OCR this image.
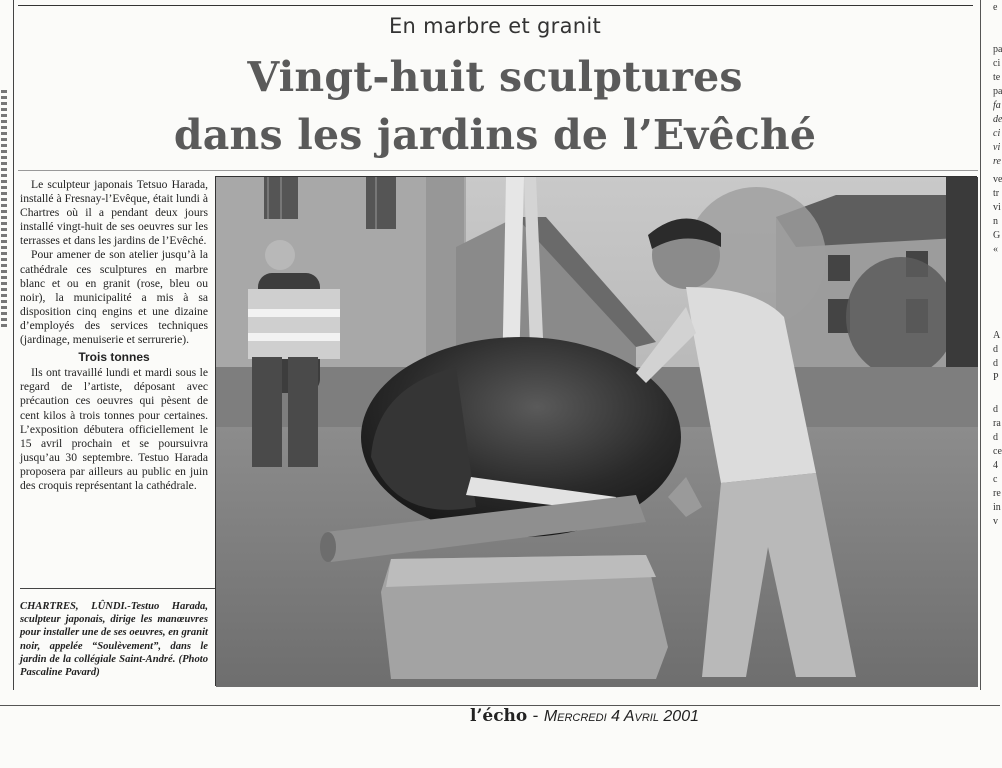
e
pa
ci
te
pa
fa
de
ci
vi
re
ve
tr
vi
n
G
«
A
d
d
P
d
ra
d
ce
4
c
re
in
v
En marbre et granit
Vingt-huit sculptures
dans les jardins de l’Evêché

Le sculpteur japonais Tetsuo Harada, installé à Fresnay-l’Evêque, était lundi à Chartres où il a pendant deux jours installé vingt-huit de ses oeuvres sur les terrasses et dans les jardins de l’Evêché.

Pour amener de son atelier jusqu’à la cathédrale ces sculptures en marbre blanc et ou en granit (rose, bleu ou noir), la municipalité a mis à sa disposition cinq engins et une dizaine d’employés des services techniques (jardinage, menuiserie et serrurerie).

Trois tonnes

Ils ont travaillé lundi et mardi sous le regard de l’artiste, déposant avec précaution ces oeuvres qui pèsent de cent kilos à trois tonnes pour certaines. L’exposition débutera officiellement le 15 avril prochain et se poursuivra jusqu’au 30 septembre. Testuo Harada proposera par ailleurs au public en juin des croquis représentant la cathédrale.

CHARTRES, LÛNDI.-Testuo Harada, sculpteur japonais, dirige les manœuvres pour installer une de ses oeuvres, en granit noir, appelée “Soulèvement”, dans le jardin de la collégiale Saint-André. (Photo Pascaline Pavard)
l’écho - Mercredi 4 Avril 2001
